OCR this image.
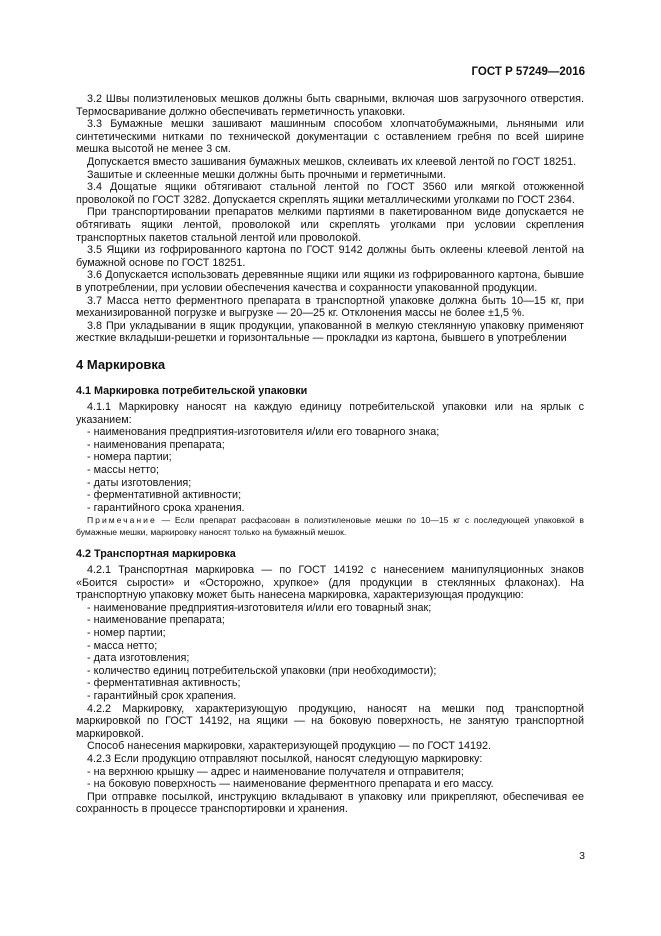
ГОСТ Р 57249—2016

3.2 Швы полиэтиленовых мешков должны быть сварными, включая шов загрузочного отверстия. Термосваривание должно обеспечивать герметичность упаковки.

3.3 Бумажные мешки зашивают машинным способом хлопчатобумажными, льняными или синтетическими нитками по технической документации с оставлением гребня по всей ширине мешка высотой не менее 3 см.

Допускается вместо зашивания бумажных мешков, склеивать их клеевой лентой по ГОСТ 18251.

Зашитые и склеенные мешки должны быть прочными и герметичными.

3.4 Дощатые ящики обтягивают стальной лентой по ГОСТ 3560 или мягкой отожженной проволокой по ГОСТ 3282. Допускается скреплять ящики металлическими уголками по ГОСТ 2364.

При транспортировании препаратов мелкими партиями в пакетированном виде допускается не обтягивать ящики лентой, проволокой или скреплять уголками при условии скрепления транспортных пакетов стальной лентой или проволокой.

3.5 Ящики из гофрированного картона по ГОСТ 9142 должны быть оклеены клеевой лентой на бумажной основе по ГОСТ 18251.

3.6 Допускается использовать деревянные ящики или ящики из гофрированного картона, бывшие в употреблении, при условии обеспечения качества и сохранности упакованной продукции.

3.7 Масса нетто ферментного препарата в транспортной упаковке должна быть 10—15 кг, при механизированной погрузке и выгрузке — 20—25 кг. Отклонения массы не более ±1,5 %.

3.8 При укладывании в ящик продукции, упакованной в мелкую стеклянную упаковку применяют жесткие вкладыши-решетки и горизонтальные — прокладки из картона, бывшего в употреблении

4 Маркировка
4.1 Маркировка потребительской упаковки

4.1.1 Маркировку наносят на каждую единицу потребительской упаковки или на ярлык с указанием:

- наименования предприятия-изготовителя и/или его товарного знака;

- наименования препарата;

- номера партии;

- массы нетто;

- даты изготовления;

- ферментативной активности;

- гарантийного срока хранения.

Примечание — Если препарат расфасован в полиэтиленовые мешки по 10—15 кг с последующей упаковкой в бумажные мешки, маркировку наносят только на бумажный мешок.

4.2 Транспортная маркировка

4.2.1 Транспортная маркировка — по ГОСТ 14192 с нанесением манипуляционных знаков «Боится сырости» и «Осторожно, хрупкое» (для продукции в стеклянных флаконах). На транспортную упаковку может быть нанесена маркировка, характеризующая продукцию:

- наименование предприятия-изготовителя и/или его товарный знак;

- наименование препарата;

- номер партии;

- масса нетто;

- дата изготовления;

- количество единиц потребительской упаковки (при необходимости);

- ферментативная активность;

- гарантийный срок храпения.

4.2.2 Маркировку, характеризующую продукцию, наносят на мешки под транспортной маркировкой по ГОСТ 14192, на ящики — на боковую поверхность, не занятую транспортной маркировкой.

Способ нанесения маркировки, характеризующей продукцию — по ГОСТ 14192.

4.2.3 Если продукцию отправляют посылкой, наносят следующую маркировку:

- на верхнюю крышку — адрес и наименование получателя и отправителя;

- на боковую поверхность — наименование ферментного препарата и его массу.

При отправке посылкой, инструкцию вкладывают в упаковку или прикрепляют, обеспечивая ее сохранность в процессе транспортировки и хранения.

3
